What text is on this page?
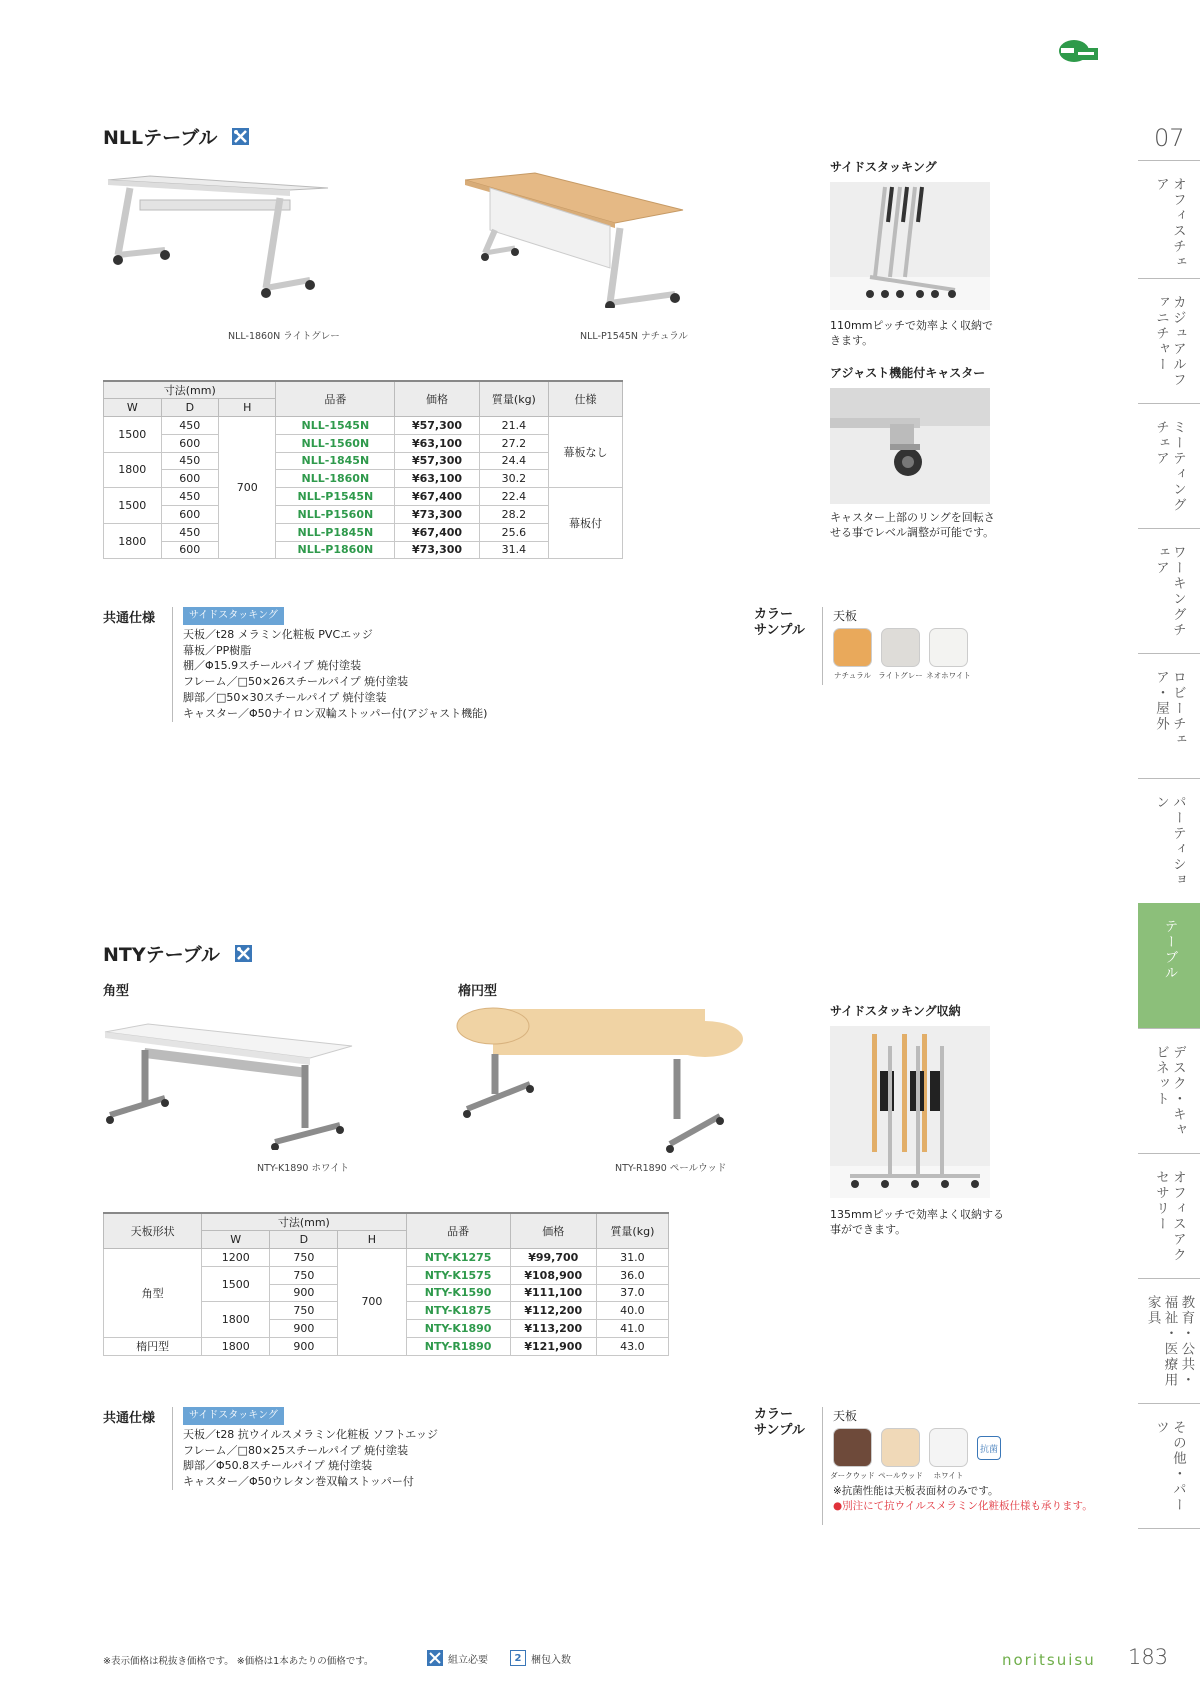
07
オフィスチェア
カジュアルファニチャー
ミーティングチェア
ワーキングチェア
ロビーチェア・屋外
パーティション
テーブル
デスク・キャビネット
オフィスアクセサリー
教育・公共・福祉・医療用家具
その他・パーツ
NLLテーブル
NLL-1860N ライトグレー	NLL-P1545N ナチュラル
寸法(mm)			品番	価格	質量(kg)	仕様
W	D	H				
1500	450	700	NLL-1545N	¥57,300	21.4	幕板なし
	600		NLL-1560N	¥63,100	27.2	
1800	450		NLL-1845N	¥57,300	24.4	
	600		NLL-1860N	¥63,100	30.2	
1500	450		NLL-P1545N	¥67,400	22.4	幕板付
	600		NLL-P1560N	¥73,300	28.2	
1800	450		NLL-P1845N	¥67,400	25.6	
	600		NLL-P1860N	¥73,300	31.4	
共通仕様	サイドスタッキング
天板／t28 メラミン化粧板 PVCエッジ
幕板／PP樹脂
棚／Φ15.9スチールパイプ 焼付塗装
フレーム／□50×26スチールパイプ 焼付塗装
脚部／□50×30スチールパイプ 焼付塗装
キャスター／Φ50ナイロン双輪ストッパー付(アジャスト機能)
カラー
サンプル
天板
ナチュラル ライトグレー ネオホワイト
サイドスタッキング
110mmピッチで効率よく収納できます。
アジャスト機能付キャスター
キャスター上部のリングを回転させる事でレベル調整が可能です。
NTYテーブル
角型	楕円型
NTY-K1890 ホワイト	NTY-R1890 ペールウッド
天板形状	寸法(mm)			品番	価格	質量(kg)
	W	D	H			
角型	1200	750	700	NTY-K1275	¥99,700	31.0
	1500	750		NTY-K1575	¥108,900	36.0
		900		NTY-K1590	¥111,100	37.0
	1800	750		NTY-K1875	¥112,200	40.0
		900		NTY-K1890	¥113,200	41.0
楕円型	1800	900		NTY-R1890	¥121,900	43.0
共通仕様	サイドスタッキング
天板／t28 抗ウイルスメラミン化粧板 ソフトエッジ
フレーム／□80×25スチールパイプ 焼付塗装
脚部／Φ50.8スチールパイプ 焼付塗装
キャスター／Φ50ウレタン巻双輪ストッパー付
カラー
サンプル
天板
ダークウッド ペールウッド ホワイト
抗菌
※抗菌性能は天板表面材のみです。
●別注にて抗ウイルスメラミン化粧板仕様も承ります。
サイドスタッキング収納
135mmピッチで効率よく収納する事ができます。
※表示価格は税抜き価格です。 ※価格は1本あたりの価格です。	組立必要	2 梱包入数	noritsuisu 183
